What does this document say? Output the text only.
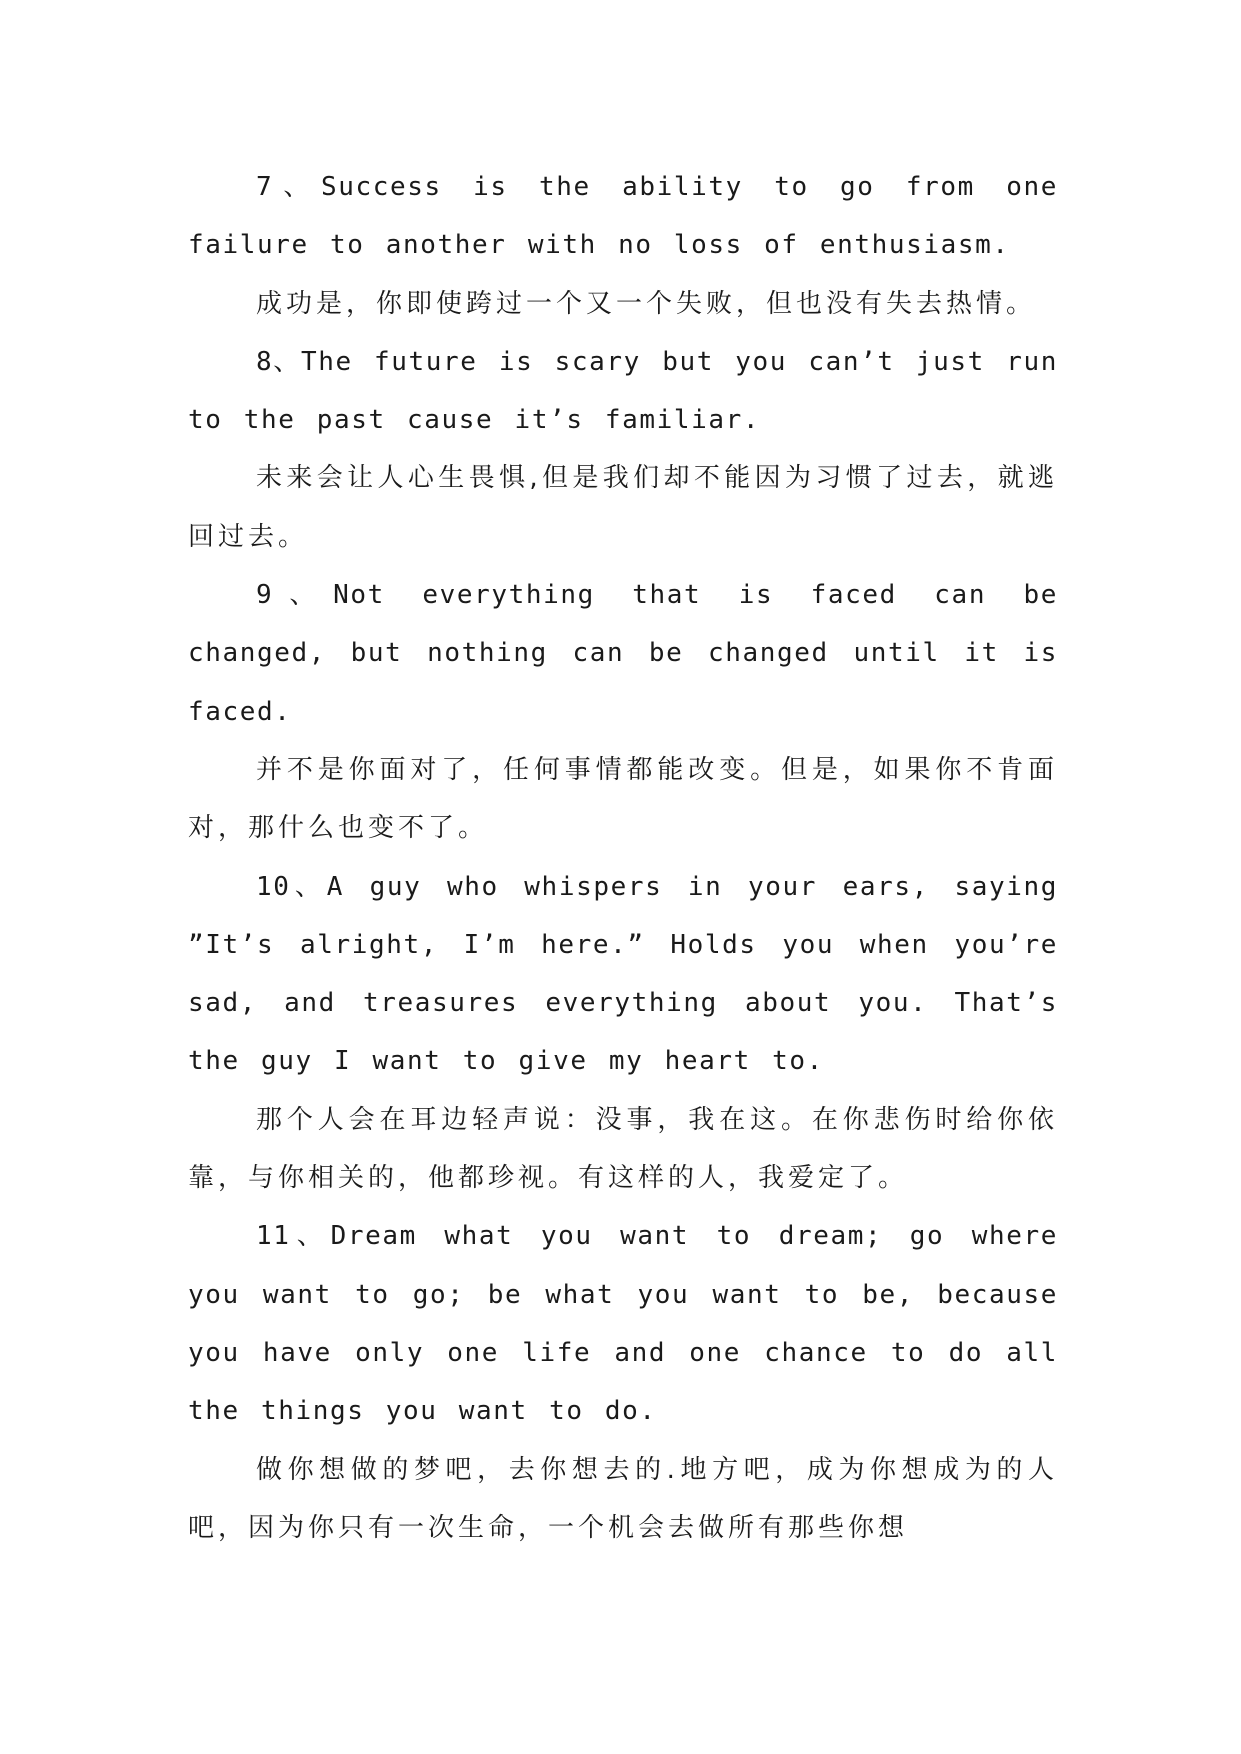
7、Success is the ability to go from one failure to another with no loss of enthusiasm.

成功是，你即使跨过一个又一个失败，但也没有失去热情。

8、The future is scary but you can’t just run to the past cause it’s familiar.

未来会让人心生畏惧,但是我们却不能因为习惯了过去，就逃回过去。

9、Not everything that is faced can be changed, but nothing can be changed until it is faced.

并不是你面对了，任何事情都能改变。但是，如果你不肯面对，那什么也变不了。

10、A guy who whispers in your ears, saying ”It’s alright, I’m here.” Holds you when you’re sad, and treasures everything about you. That’s the guy I want to give my heart to.

那个人会在耳边轻声说：没事，我在这。在你悲伤时给你依靠，与你相关的，他都珍视。有这样的人，我爱定了。

11、Dream what you want to dream; go where you want to go; be what you want to be, because you have only one life and one chance to do all the things you want to do.

做你想做的梦吧，去你想去的.地方吧，成为你想成为的人吧，因为你只有一次生命，一个机会去做所有那些你想
